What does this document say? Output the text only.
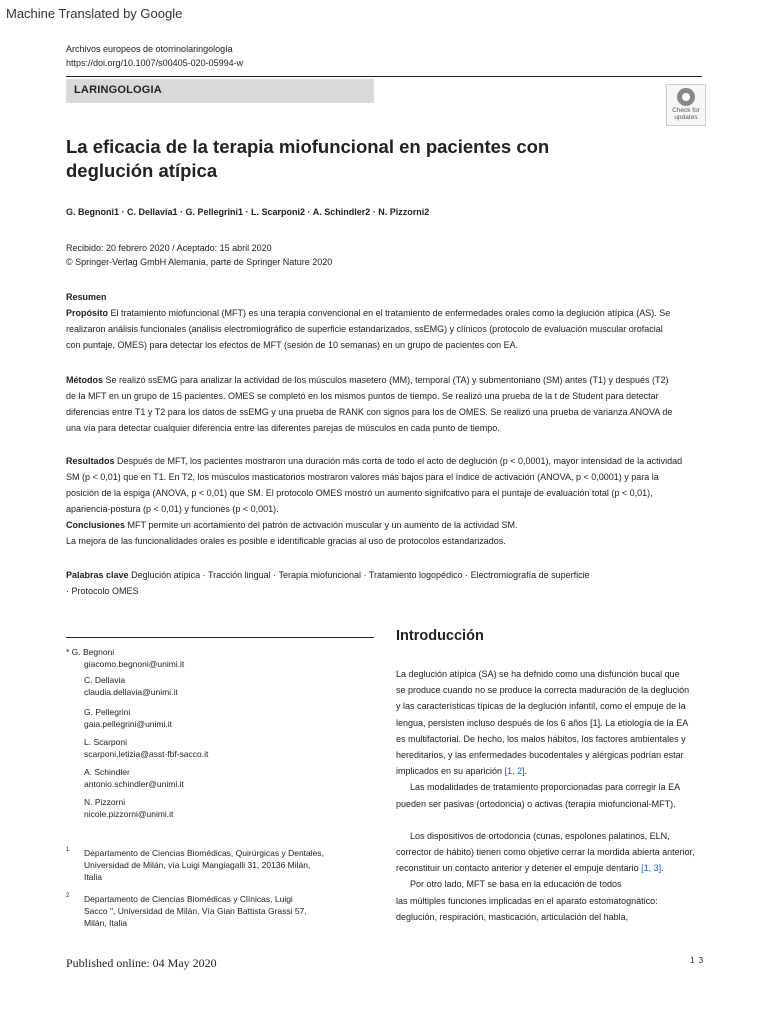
Machine Translated by Google
Archivos europeos de otorrinolaringología
https://doi.org/10.1007/s00405-020-05994-w
LARINGOLOGIA
Check for
updates
La eficacia de la terapia miofuncional en pacientes con deglución atípica
G. Begnoni1 · C. Dellavia1 · G. Pellegrini1 · L. Scarponi2 · A. Schindler2 · N. Pizzorni2
Recibido: 20 febrero 2020 / Aceptado: 15 abril 2020
© Springer-Verlag GmbH Alemania, parte de Springer Nature 2020
Resumen
Propósito El tratamiento miofuncional (MFT) es una terapia convencional en el tratamiento de enfermedades orales como la deglución atípica (AS). Se
realizaron análisis funcionales (análisis electromiográfico de superficie estandarizados, ssEMG) y clínicos (protocolo de evaluación muscular orofacial
con puntaje, OMES) para detectar los efectos de MFT (sesión de 10 semanas) en un grupo de pacientes con EA.
Métodos Se realizó ssEMG para analizar la actividad de los músculos masetero (MM), temporal (TA) y submentoniano (SM) antes (T1) y después (T2)
de la MFT en un grupo de 15 pacientes. OMES se completó en los mismos puntos de tiempo. Se realizó una prueba de la t de Student para detectar
diferencias entre T1 y T2 para los datos de ssEMG y una prueba de RANK con signos para los de OMES. Se realizó una prueba de varianza ANOVA de
una vía para detectar cualquier diferencia entre las diferentes parejas de músculos en cada punto de tiempo.
Resultados Después de MFT, los pacientes mostraron una duración más corta de todo el acto de deglución (p < 0,0001), mayor intensidad de la actividad
SM (p < 0,01) que en T1. En T2, los músculos masticatorios mostraron valores más bajos para el índice de activación (ANOVA, p < 0,0001) y para la
posición de la espiga (ANOVA, p < 0,01) que SM. El protocolo OMES mostró un aumento signifcativo para el puntaje de evaluación total (p < 0,01),
apariencia-postura (p < 0,01) y funciones (p < 0,001).
Conclusiones MFT permite un acortamiento del patrón de activación muscular y un aumento de la actividad SM.
La mejora de las funcionalidades orales es posible e identificable gracias al uso de protocolos estandarizados.
Palabras clave Deglución atípica · Tracción lingual · Terapia miofuncional · Tratamiento logopédico · Electromiografía de superficie
· Protocolo OMES
* G. Begnoni
giacomo.begnoni@unimi.it
C. Dellavia
claudia.dellavia@unimi.it
G. Pellegrini
gaia.pellegrini@unimi.it
L. Scarponi
scarponi.letizia@asst-fbf-sacco.it
A. Schindler
antonio.schindler@unimi.it
N. Pizzorni
nicole.pizzorni@unimi.it
1	Departamento de Ciencias Biomédicas, Quirúrgicas y Dentales,
Universidad de Milán, vía Luigi Mangiagalli 31, 20136 Milán,
Italia
2	Departamento de Ciencias Biomédicas y Clínicas, Luigi
Sacco ", Universidad de Milán, Vía Gian Battista Grassi 57,
Milán, Italia
Introducción

La deglución atípica (SA) se ha defnido como una disfunción bucal que
se produce cuando no se produce la correcta maduración de la deglución
y las características típicas de la deglución infantil, como el empuje de la
lengua, persisten incluso después de los 6 años [1]. La etiología de la EA
es multifactorial. De hecho, los malos hábitos, los factores ambientales y
hereditarios, y las enfermedades bucodentales y alérgicas podrían estar
implicados en su aparición [1, 2].

Las modalidades de tratamiento proporcionadas para corregir la EA

pueden ser pasivas (ortodoncia) o activas (terapia miofuncional-MFT).

Los dispositivos de ortodoncia (cunas, espolones palatinos, ELN,

corrector de hábito) tienen como objetivo cerrar la mordida abierta anterior,
reconstituir un contacto anterior y detener el empuje dentario [1, 3].

Por otro lado, MFT se basa en la educación de todos

las múltiples funciones implicadas en el aparato estomatognático:
deglución, respiración, masticación, articulación del habla,

Published online: 04 May 2020	1 3
